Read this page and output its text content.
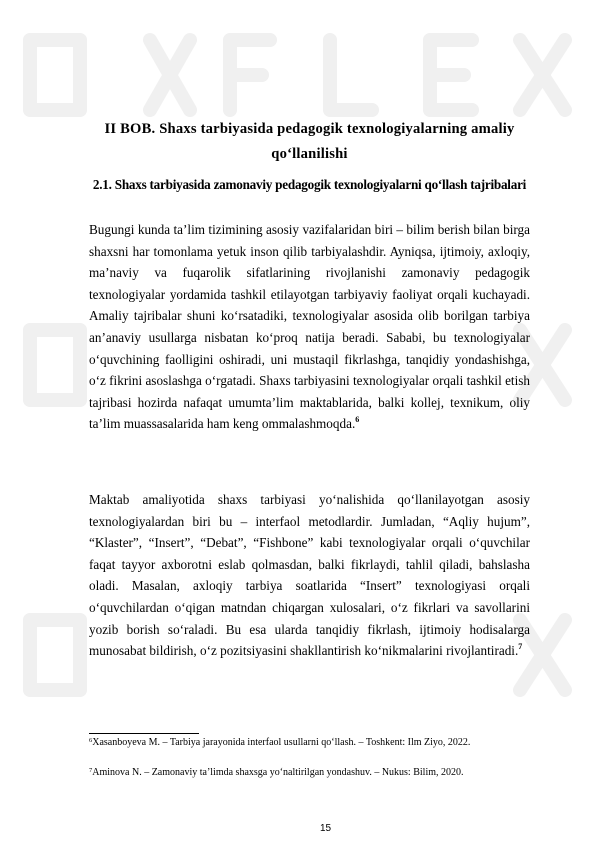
II BOB. Shaxs tarbiyasida pedagogik texnologiyalarning amaliy qo‘llanilishi
2.1. Shaxs tarbiyasida zamonaviy pedagogik texnologiyalarni qo‘llash tajribalari

Bugungi kunda ta’lim tizimining asosiy vazifalaridan biri – bilim berish bilan birga shaxsni har tomonlama yetuk inson qilib tarbiyalashdir. Ayniqsa, ijtimoiy, axloqiy, ma’naviy va fuqarolik sifatlarining rivojlanishi zamonaviy pedagogik texnologiyalar yordamida tashkil etilayotgan tarbiyaviy faoliyat orqali kuchayadi. Amaliy tajribalar shuni ko‘rsatadiki, texnologiyalar asosida olib borilgan tarbiya an’anaviy usullarga nisbatan ko‘proq natija beradi. Sababi, bu texnologiyalar o‘quvchining faolligini oshiradi, uni mustaqil fikrlashga, tanqidiy yondashishga, o‘z fikrini asoslashga o‘rgatadi. Shaxs tarbiyasini texnologiyalar orqali tashkil etish tajribasi hozirda nafaqat umumta’lim maktablarida, balki kollej, texnikum, oliy ta’lim muassasalarida ham keng ommalashmoqda.$^6$

Maktab amaliyotida shaxs tarbiyasi yo‘nalishida qo‘llanilayotgan asosiy texnologiyalardan biri bu – interfaol metodlardir. Jumladan, “Aqliy hujum”, “Klaster”, “Insert”, “Debat”, “Fishbone” kabi texnologiyalar orqali o‘quvchilar faqat tayyor axborotni eslab qolmasdan, balki fikrlaydi, tahlil qiladi, bahslasha oladi. Masalan, axloqiy tarbiya soatlarida “Insert” texnologiyasi orqali o‘quvchilardan o‘qigan matndan chiqargan xulosalari, o‘z fikrlari va savollarini yozib borish so‘raladi. Bu esa ularda tanqidiy fikrlash, ijtimoiy hodisalarga munosabat bildirish, o‘z pozitsiyasini shakllantirish ko‘nikmalarini rivojlantiradi.$^7$

$^6$Xasanboyeva M. – Tarbiya jarayonida interfaol usullarni qo‘llash. – Toshkent: Ilm Ziyo, 2022.

$^7$Aminova N. – Zamonaviy ta’limda shaxsga yo‘naltirilgan yondashuv. – Nukus: Bilim, 2020.

15
